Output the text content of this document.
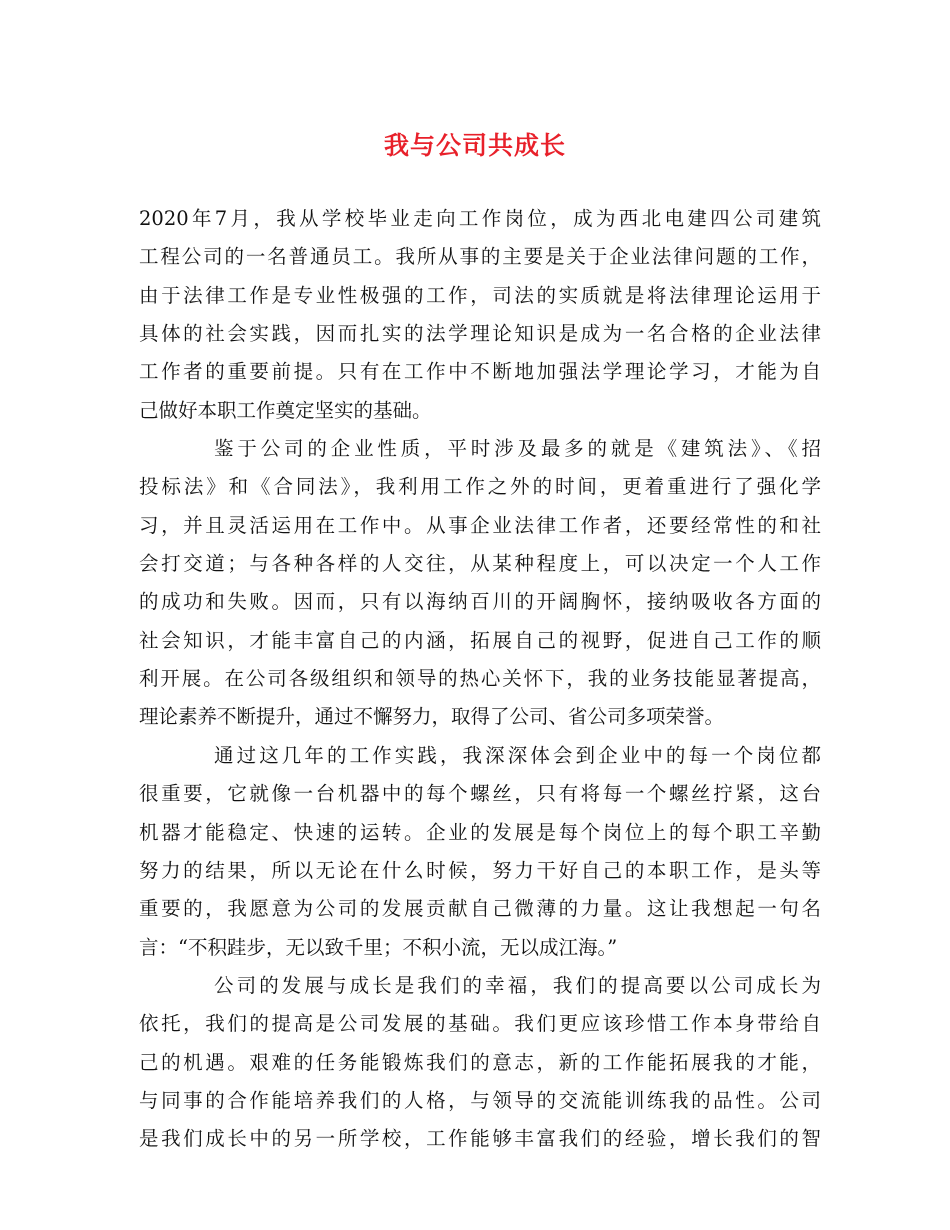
我与公司共成长
2020年7月，我从学校毕业走向工作岗位，成为西北电建四公司建筑
工程公司的一名普通员工。我所从事的主要是关于企业法律问题的工作，
由于法律工作是专业性极强的工作，司法的实质就是将法律理论运用于
具体的社会实践，因而扎实的法学理论知识是成为一名合格的企业法律
工作者的重要前提。只有在工作中不断地加强法学理论学习，才能为自
己做好本职工作奠定坚实的基础。
鉴于公司的企业性质，平时涉及最多的就是《建筑法》、《招
投标法》和《合同法》，我利用工作之外的时间，更着重进行了强化学
习，并且灵活运用在工作中。从事企业法律工作者，还要经常性的和社
会打交道；与各种各样的人交往，从某种程度上，可以决定一个人工作
的成功和失败。因而，只有以海纳百川的开阔胸怀，接纳吸收各方面的
社会知识，才能丰富自己的内涵，拓展自己的视野，促进自己工作的顺
利开展。在公司各级组织和领导的热心关怀下，我的业务技能显著提高，
理论素养不断提升，通过不懈努力，取得了公司、省公司多项荣誉。
通过这几年的工作实践，我深深体会到企业中的每一个岗位都
很重要，它就像一台机器中的每个螺丝，只有将每一个螺丝拧紧，这台
机器才能稳定、快速的运转。企业的发展是每个岗位上的每个职工辛勤
努力的结果，所以无论在什么时候，努力干好自己的本职工作，是头等
重要的，我愿意为公司的发展贡献自己微薄的力量。这让我想起一句名
言：“不积跬步，无以致千里；不积小流，无以成江海。”
公司的发展与成长是我们的幸福，我们的提高要以公司成长为
依托，我们的提高是公司发展的基础。我们更应该珍惜工作本身带给自
己的机遇。艰难的任务能锻炼我们的意志，新的工作能拓展我的才能，
与同事的合作能培养我们的人格，与领导的交流能训练我的品性。公司
是我们成长中的另一所学校，工作能够丰富我们的经验，增长我们的智
